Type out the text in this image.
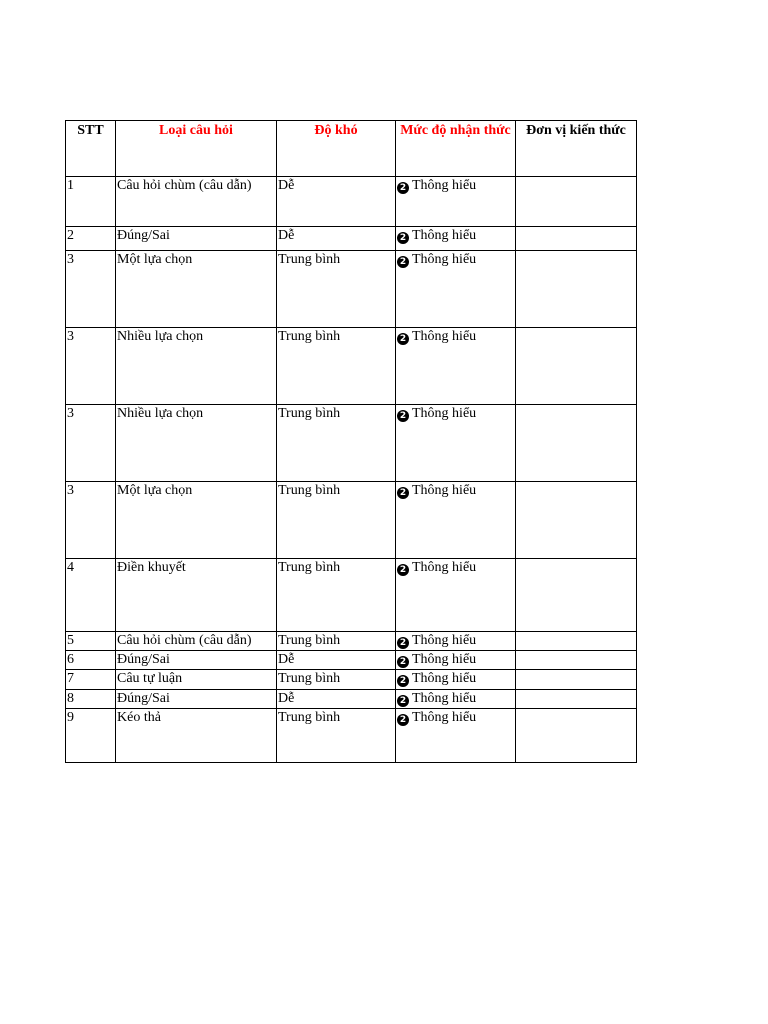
STT	Loại câu hỏi	Độ khó	Mức độ nhận thức	Đơn vị kiến thức
1	Câu hỏi chùm (câu dẫn)	Dễ	2 Thông hiểu	
2	Đúng/Sai	Dễ	2 Thông hiểu	
3	Một lựa chọn	Trung bình	2 Thông hiểu	
3	Nhiều lựa chọn	Trung bình	2 Thông hiểu	
3	Nhiều lựa chọn	Trung bình	2 Thông hiểu	
3	Một lựa chọn	Trung bình	2 Thông hiểu	
4	Điền khuyết	Trung bình	2 Thông hiểu	
5	Câu hỏi chùm (câu dẫn)	Trung bình	2 Thông hiểu	
6	Đúng/Sai	Dễ	2 Thông hiểu	
7	Câu tự luận	Trung bình	2 Thông hiểu	
8	Đúng/Sai	Dễ	2 Thông hiểu	
9	Kéo thả	Trung bình	2 Thông hiểu	
